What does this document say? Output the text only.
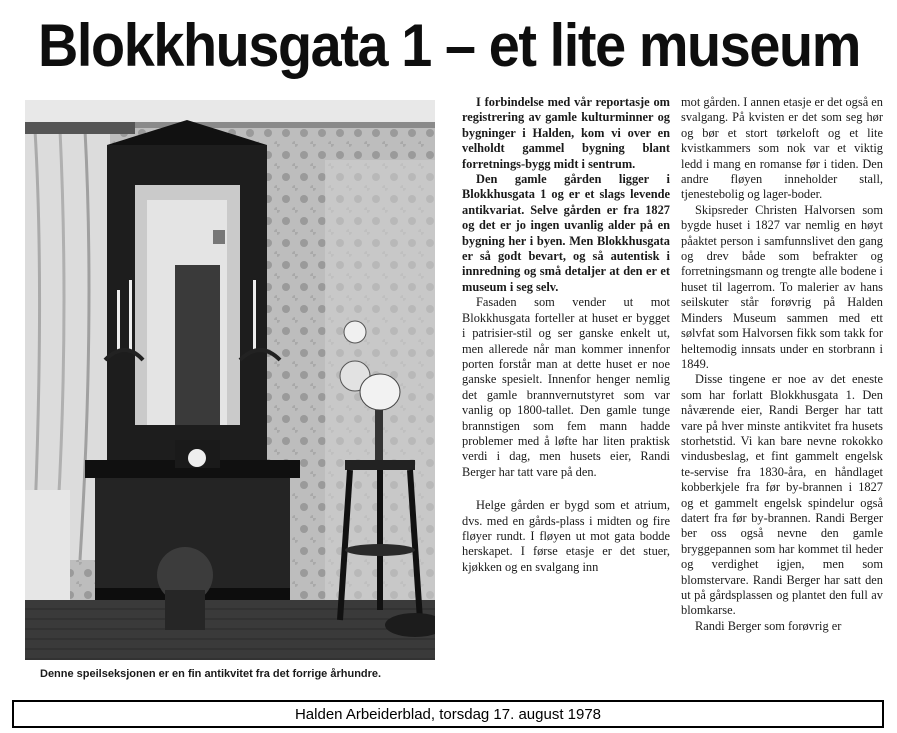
Blokkhusgata 1 – et lite museum
Denne speilseksjonen er en fin antikvitet fra det forrige århundre.

I forbindelse med vår reportasje om registrering av gamle kulturminner og bygninger i Halden, kom vi over en velholdt gammel bygning blant forretnings-bygg midt i sentrum.

Den gamle gården ligger i Blokkhusgata 1 og er et slags levende antikvariat. Selve gården er fra 1827 og det er jo ingen uvanlig alder på en bygning her i byen. Men Blokkhusgata er så godt bevart, og så autentisk i innredning og små detaljer at den er et museum i seg selv.

Fasaden som vender ut mot Blokkhusgata forteller at huset er bygget i patrisier-stil og ser ganske enkelt ut, men allerede når man kommer innenfor porten forstår man at dette huset er noe ganske spesielt. Innenfor henger nemlig det gamle brannvernutstyret som var vanlig op 1800-tallet. Den gamle tunge brannstigen som fem mann hadde problemer med å løfte har liten praktisk verdi i dag, men husets eier, Randi Berger har tatt vare på den.

Helge gården er bygd som et atrium, dvs. med en gårds-plass i midten og fire fløyer rundt. I fløyen ut mot gata bodde herskapet. I førse etasje er det stuer, kjøkken og en svalgang inn

mot gården. I annen etasje er det også en svalgang. På kvisten er det som seg hør og bør et stort tørkeloft og et lite kvistkammers som nok var et viktig ledd i mang en romanse før i tiden. Den andre fløyen inneholder stall, tjenestebolig og lager-boder.

Skipsreder Christen Halvorsen som bygde huset i 1827 var nemlig en høyt påaktet person i samfunnslivet den gang og drev både som befrakter og forretningsmann og trengte alle bodene i huset til lagerrom. To malerier av hans seilskuter står forøvrig på Halden Minders Museum sammen med ett sølvfat som Halvorsen fikk som takk for heltemodig innsats under en storbrann i 1849.

Disse tingene er noe av det eneste som har forlatt Blokkhusgata 1. Den nåværende eier, Randi Berger har tatt vare på hver minste antikvitet fra husets storhetstid. Vi kan bare nevne rokokko vindusbeslag, et fint gammelt engelsk te-servise fra 1830-åra, en håndlaget kobberkjele fra før by-brannen i 1827 og et gammelt engelsk spindelur også datert fra før by-brannen. Randi Berger ber oss også nevne den gamle bryggepannen som har kommet til heder og verdighet igjen, men som blomstervare. Randi Berger har satt den ut på gårdsplassen og plantet den full av blomkarse.

Randi Berger som forøvrig er

Halden Arbeiderblad, torsdag 17. august 1978
